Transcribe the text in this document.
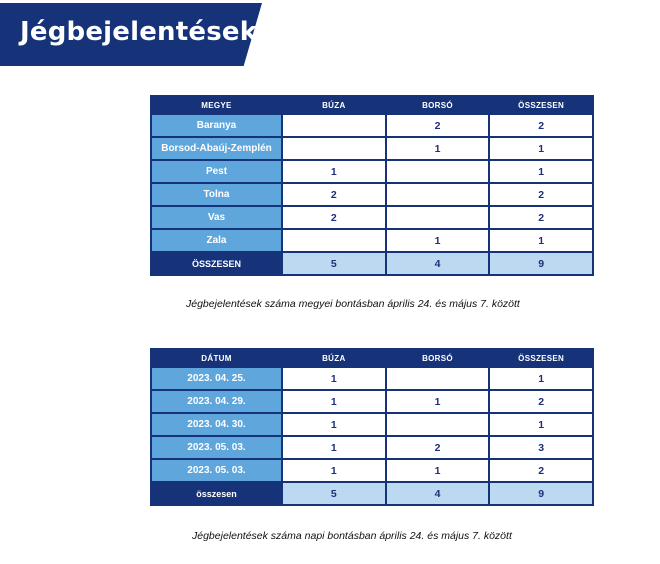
Jégbejelentések
MEGYE	BÚZA	BORSÓ	ÖSSZESEN
Baranya		2	2
Borsod-Abaúj-Zemplén		1	1
Pest	1		1
Tolna	2		2
Vas	2		2
Zala		1	1
ÖSSZESEN	5	4	9

Jégbejelentések száma megyei bontásban április 24. és május 7. között

DÁTUM	BÚZA	BORSÓ	ÖSSZESEN
2023. 04. 25.	1		1
2023. 04. 29.	1	1	2
2023. 04. 30.	1		1
2023. 05. 03.	1	2	3
2023. 05. 03.	1	1	2
összesen	5	4	9

Jégbejelentések száma napi bontásban április 24. és május 7. között
